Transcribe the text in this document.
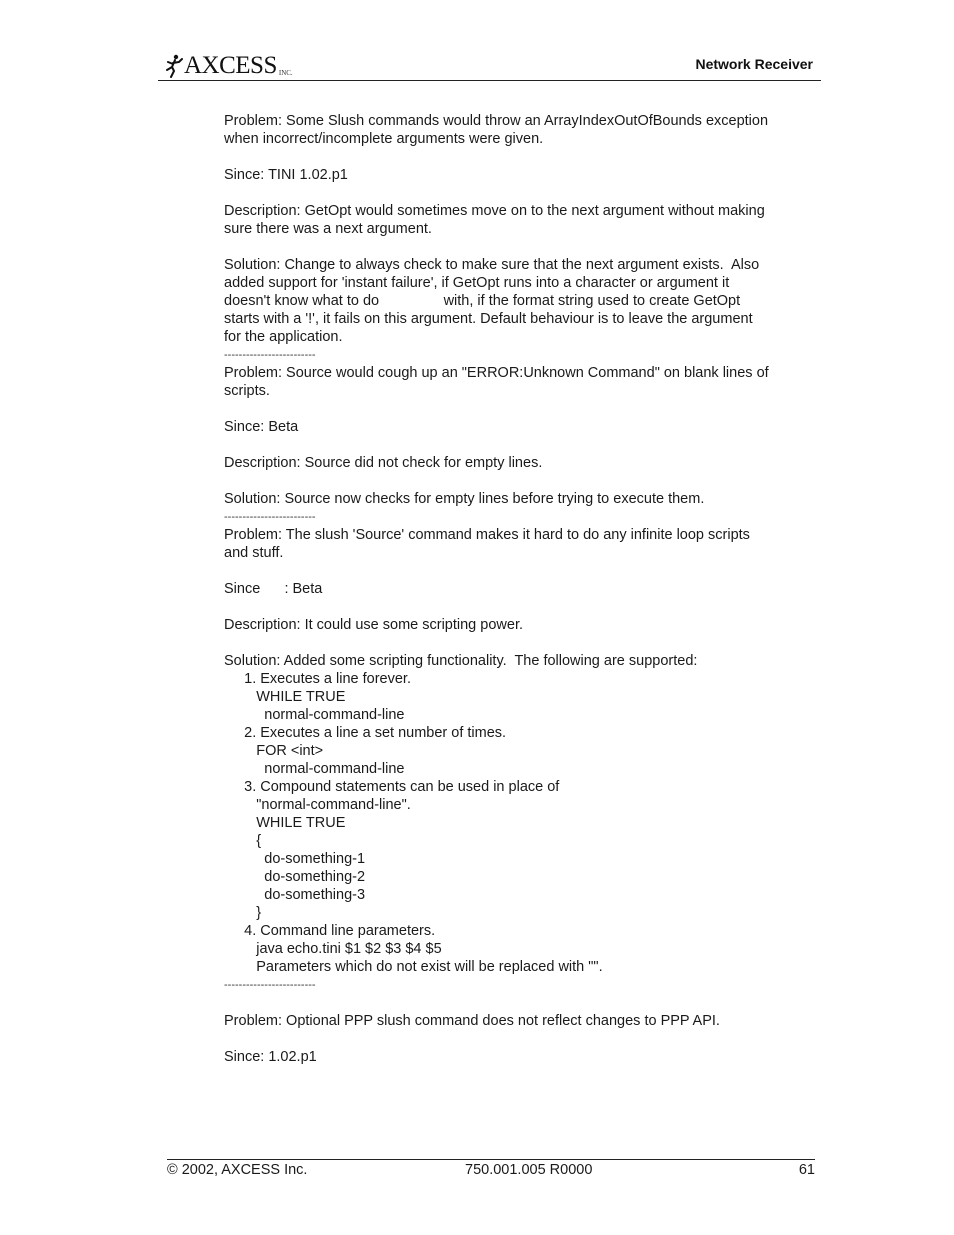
AXCESS INC.
Network Receiver
Problem: Some Slush commands would throw an ArrayIndexOutOfBounds exception
when incorrect/incomplete arguments were given.
Since: TINI 1.02.p1
Description: GetOpt would sometimes move on to the next argument without making
sure there was a next argument.
Solution: Change to always check to make sure that the next argument exists.  Also
added support for 'instant failure', if GetOpt runs into a character or argument it
doesn't know what to do                with, if the format string used to create GetOpt
starts with a '!', it fails on this argument. Default behaviour is to leave the argument
for the application.
-------------------------
Problem: Source would cough up an "ERROR:Unknown Command" on blank lines of
scripts.
Since: Beta
Description: Source did not check for empty lines.
Solution: Source now checks for empty lines before trying to execute them.
-------------------------
Problem: The slush 'Source' command makes it hard to do any infinite loop scripts
and stuff.
Since      : Beta
Description: It could use some scripting power.
Solution: Added some scripting functionality.  The following are supported:
1. Executes a line forever.
WHILE TRUE
normal-command-line
2. Executes a line a set number of times.
FOR <int>
normal-command-line
3. Compound statements can be used in place of
"normal-command-line".
WHILE TRUE
{
do-something-1
do-something-2
do-something-3
}
4. Command line parameters.
java echo.tini $1 $2 $3 $4 $5
Parameters which do not exist will be replaced with "".
-------------------------
Problem: Optional PPP slush command does not reflect changes to PPP API.
Since: 1.02.p1
© 2002, AXCESS Inc.	750.001.005 R0000	61
